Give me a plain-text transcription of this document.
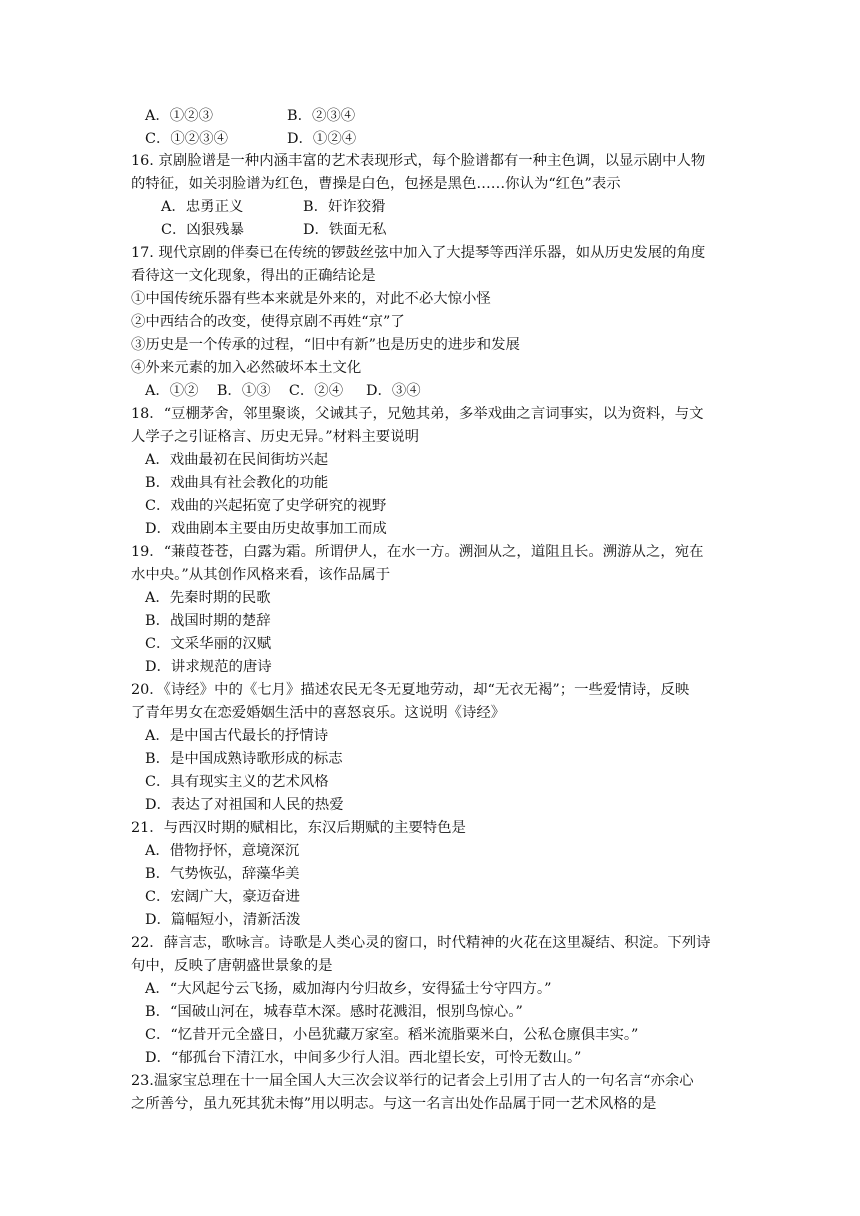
A．①②③	B．②③④
C．①②③④	D．①②④
16. 京剧脸谱是一种内涵丰富的艺术表现形式，每个脸谱都有一种主色调，以显示剧中人物
的特征，如关羽脸谱为红色，曹操是白色，包拯是黑色……你认为“红色”表示
A．忠勇正义	B．奸诈狡猾
C．凶狠残暴	D．铁面无私
17. 现代京剧的伴奏已在传统的锣鼓丝弦中加入了大提琴等西洋乐器，如从历史发展的角度
看待这一文化现象，得出的正确结论是
①中国传统乐器有些本来就是外来的，对此不必大惊小怪
②中西结合的改变，使得京剧不再姓“京”了
③历史是一个传承的过程，“旧中有新”也是历史的进步和发展
④外来元素的加入必然破坏本土文化
A．①②    B．①③    C．②④     D．③④
18．“豆棚茅舍，邻里聚谈，父诫其子，兄勉其弟，多举戏曲之言词事实，以为资料，与文
人学子之引证格言、历史无异。”材料主要说明
A．戏曲最初在民间街坊兴起
B．戏曲具有社会教化的功能
C．戏曲的兴起拓宽了史学研究的视野
D．戏曲剧本主要由历史故事加工而成
19．“蒹葭苍苍，白露为霜。所谓伊人，在水一方。溯洄从之，道阻且长。溯游从之，宛在
水中央。”从其创作风格来看，该作品属于
A．先秦时期的民歌
B．战国时期的楚辞
C．文采华丽的汉赋
D．讲求规范的唐诗
20．《诗经》中的《七月》描述农民无冬无夏地劳动，却“无衣无褐”；一些爱情诗，反映
了青年男女在恋爱婚姻生活中的喜怒哀乐。这说明《诗经》
A．是中国古代最长的抒情诗
B．是中国成熟诗歌形成的标志
C．具有现实主义的艺术风格
D．表达了对祖国和人民的热爱
21．与西汉时期的赋相比，东汉后期赋的主要特色是
A．借物抒怀，意境深沉
B．气势恢弘，辞藻华美
C．宏阔广大，豪迈奋进
D．篇幅短小，清新活泼
22．薛言志，歌咏言。诗歌是人类心灵的窗口，时代精神的火花在这里凝结、积淀。下列诗
句中，反映了唐朝盛世景象的是
A．“大风起兮云飞扬，威加海内兮归故乡，安得猛士兮守四方。”
B．“国破山河在，城春草木深。感时花溅泪，恨别鸟惊心。”
C．“忆昔开元全盛日，小邑犹藏万家室。稻米流脂粟米白，公私仓廪俱丰实。”
D．“郁孤台下清江水，中间多少行人泪。西北望长安，可怜无数山。”
23.温家宝总理在十一届全国人大三次会议举行的记者会上引用了古人的一句名言“亦余心
之所善兮，虽九死其犹未悔”用以明志。与这一名言出处作品属于同一艺术风格的是
